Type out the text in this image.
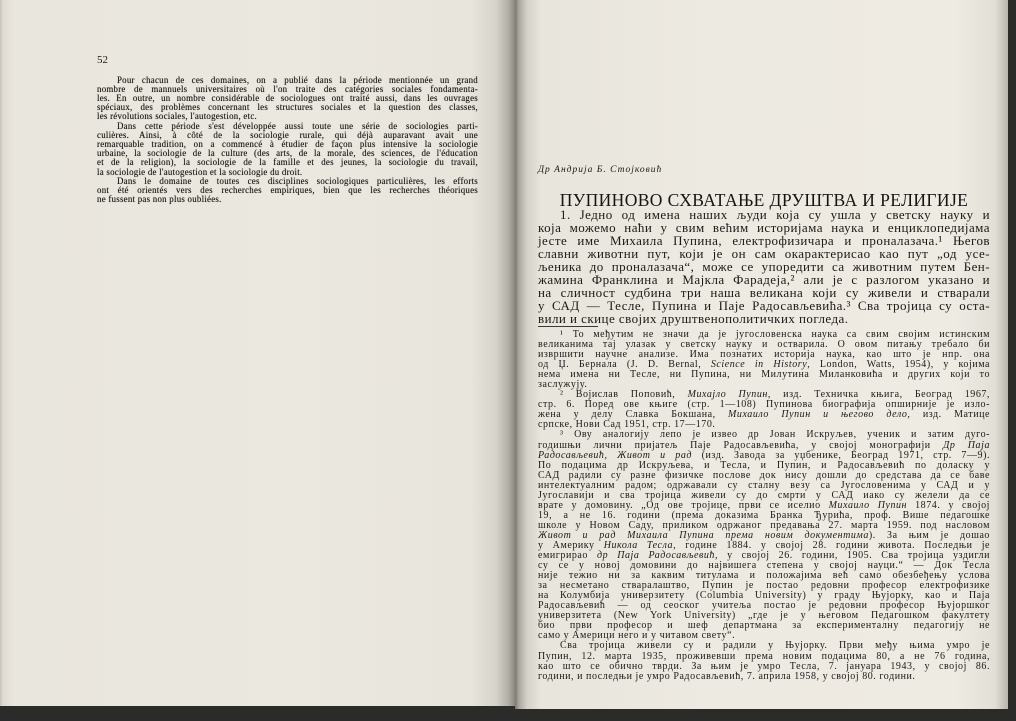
52
Pour chacun de ces domaines, on a publié dans la période mentionnée un grand
nombre de mannuels universitaires où l'on traite des catégories sociales fondamenta-
les. En outre, un nombre considérable de sociologues ont traité aussi, dans les ouvrages
spéciaux, des problèmes concernant les structures sociales et la question des classes,
les révolutions sociales, l'autogestion, etc.
Dans cette période s'est développée aussi toute une série de sociologies parti-
culières. Ainsi, à côté de la sociologie rurale, qui déjà auparavant avait une
remarquable tradition, on a commencé à étudier de façon plus intensive la sociologie
urbaine, la sociologie de la culture (des arts, de la morale, des sciences, de l'éducation
et de la religion), la sociologie de la famille et des jeunes, la sociologie du travail,
la sociologie de l'autogestion et la sociologie du droit.
Dans le domaine de toutes ces disciplines sociologiques particulières, les efforts
ont été orientés vers des recherches empiriques, bien que les recherches théoriques
ne fussent pas non plus oubliées.
Др Андрија Б. Стојковић
ПУПИНОВО СХВАТАЊЕ ДРУШТВА И РЕЛИГИЈЕ
1. Једно од имена наших људи која су ушла у светску науку и
која можемо наћи у свим већим историјама наука и енциклопедијама
јесте име Михаила Пупина, електрофизичара и проналазача.¹ Његов
славни животни пут, који је он сам окарактерисао као пут „од усе-
љеника до проналазача“, може се упоредити са животним путем Бен-
жамина Франклина и Мајкла Фарадеја,² али је с разлогом указано и
на сличност судбина три наша великана који су живели и стварали
у САД — Тесле, Пупина и Паје Радосављевића.³ Сва тројица су оста-
вили и скице својих друштвенополитичких погледа.
¹ То међутим не значи да је југословенска наука са свим својим истинским
великанима тај улазак у светску науку и остварила. О овом питању требало би
извршити научне анализе. Има познатих историја наука, као што је нпр. она
од Џ. Бернала (J. D. Bernal, Science in History, London, Watts, 1954), у којима
нема имена ни Тесле, ни Пупина, ни Милутина Миланковића и других који то
заслужују.
² Војислав Поповић, Михајло Пупин, изд. Техничка књига, Београд 1967,
стр. 6. Поред ове књиге (стр. 1—108) Пупинова биографија опширније је изло-
жена у делу Славка Бокшана, Михаило Пупин и његово дело, изд. Матице
српске, Нови Сад 1951, стр. 17—170.
³ Ову аналогију лепо је извео др Јован Искруљев, ученик и затим дуго-
годишњи лични пријатељ Паје Радосављевића, у својој монографији Др Паја
Радосављевић, Живот и рад (изд. Завода за уџбенике, Београд 1971, стр. 7—9).
По подацима др Искруљева, и Тесла, и Пупин, и Радосављевић по доласку у
САД радили су разне физичке послове док нису дошли до средстава да се баве
интелектуалним радом; одржавали су сталну везу са Југословенима у САД и у
Југославији и сва тројица живели су до смрти у САД иако су желели да се
врате у домовину. „Од ове тројице, први се иселио Михаило Пупин 1874. у својој
19, а не 16. години (према доказима Бранка Ђурића, проф. Више педагошке
школе у Новом Саду, приликом одржаног предавања 27. марта 1959. под насловом
Живот и рад Михаила Пупина према новим документима). За њим је дошао
у Америку Никола Тесла, године 1884. у својој 28. години живота. Последњи је
емигрирао др Паја Радосављевић, у својој 26. години, 1905. Сва тројица уздигли
су се у новој домовини до највишега степена у својој науци.“ — Док Тесла
није тежио ни за каквим титулама и положајима већ само обезбеђењу услова
за несметано стваралаштво, Пупин је постао редовни професор електрофизике
на Колумбија универзитету (Columbia University) у граду Њујорку, као и Паја
Радосављевић — од сеоског учитеља постао је редовни професор Њујоршког
универзитета (New York University) „где је у његовом Педагошком факултету
био први професор и шеф департмана за експерименталну педагогију не
само у Америци него и у читавом свету“.
Сва тројица живели су и радили у Њујорку. Први међу њима умро је
Пупин, 12. марта 1935, проживевши према новим подацима 80, а не 76 година,
као што се обично тврди. За њим је умро Тесла, 7. јануара 1943, у својој 86.
години, и последњи је умро Радосављевић, 7. априла 1958, у својој 80. години.
